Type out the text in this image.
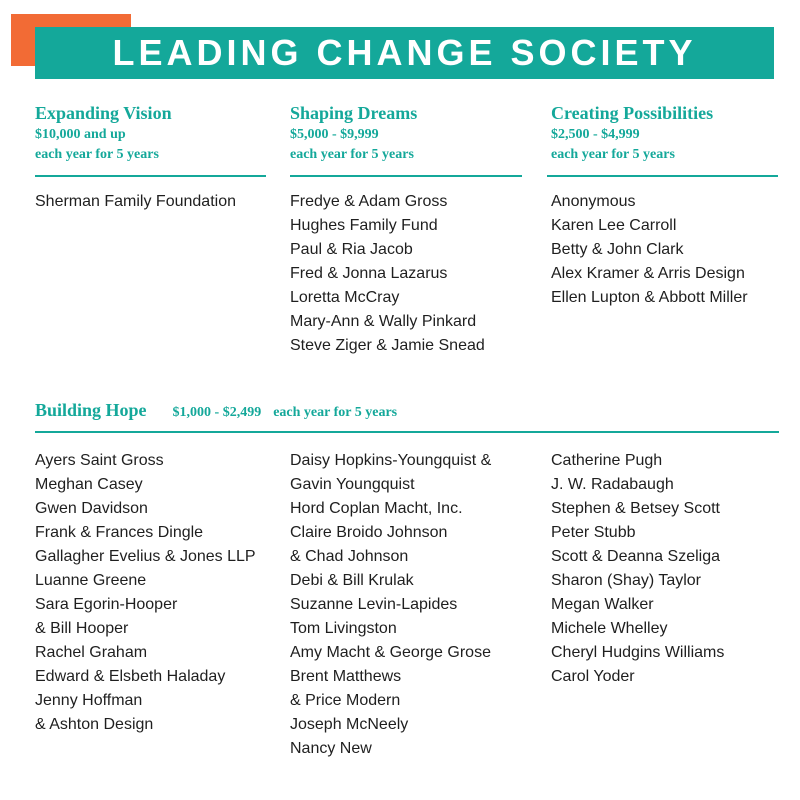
LEADING CHANGE SOCIETY
Expanding Vision
$10,000 and up
each year for 5 years
Sherman Family Foundation
Shaping Dreams
$5,000 - $9,999
each year for 5 years
Fredye & Adam Gross
Hughes Family Fund
Paul & Ria Jacob
Fred & Jonna Lazarus
Loretta McCray
Mary-Ann & Wally Pinkard
Steve Ziger & Jamie Snead
Creating Possibilities
$2,500 - $4,999
each year for 5 years
Anonymous
Karen Lee Carroll
Betty & John Clark
Alex Kramer & Arris Design
Ellen Lupton & Abbott Miller
Building Hope $1,000 - $2,499 each year for 5 years
Ayers Saint Gross
Meghan Casey
Gwen Davidson
Frank & Frances Dingle
Gallagher Evelius & Jones LLP
Luanne Greene
Sara Egorin-Hooper
& Bill Hooper
Rachel Graham
Edward & Elsbeth Haladay
Jenny Hoffman
& Ashton Design
Daisy Hopkins-Youngquist &
Gavin Youngquist
Hord Coplan Macht, Inc.
Claire Broido Johnson
& Chad Johnson
Debi & Bill Krulak
Suzanne Levin-Lapides
Tom Livingston
Amy Macht & George Grose
Brent Matthews
& Price Modern
Joseph McNeely
Nancy New
Catherine Pugh
J. W. Radabaugh
Stephen & Betsey Scott
Peter Stubb
Scott & Deanna Szeliga
Sharon (Shay) Taylor
Megan Walker
Michele Whelley
Cheryl Hudgins Williams
Carol Yoder
